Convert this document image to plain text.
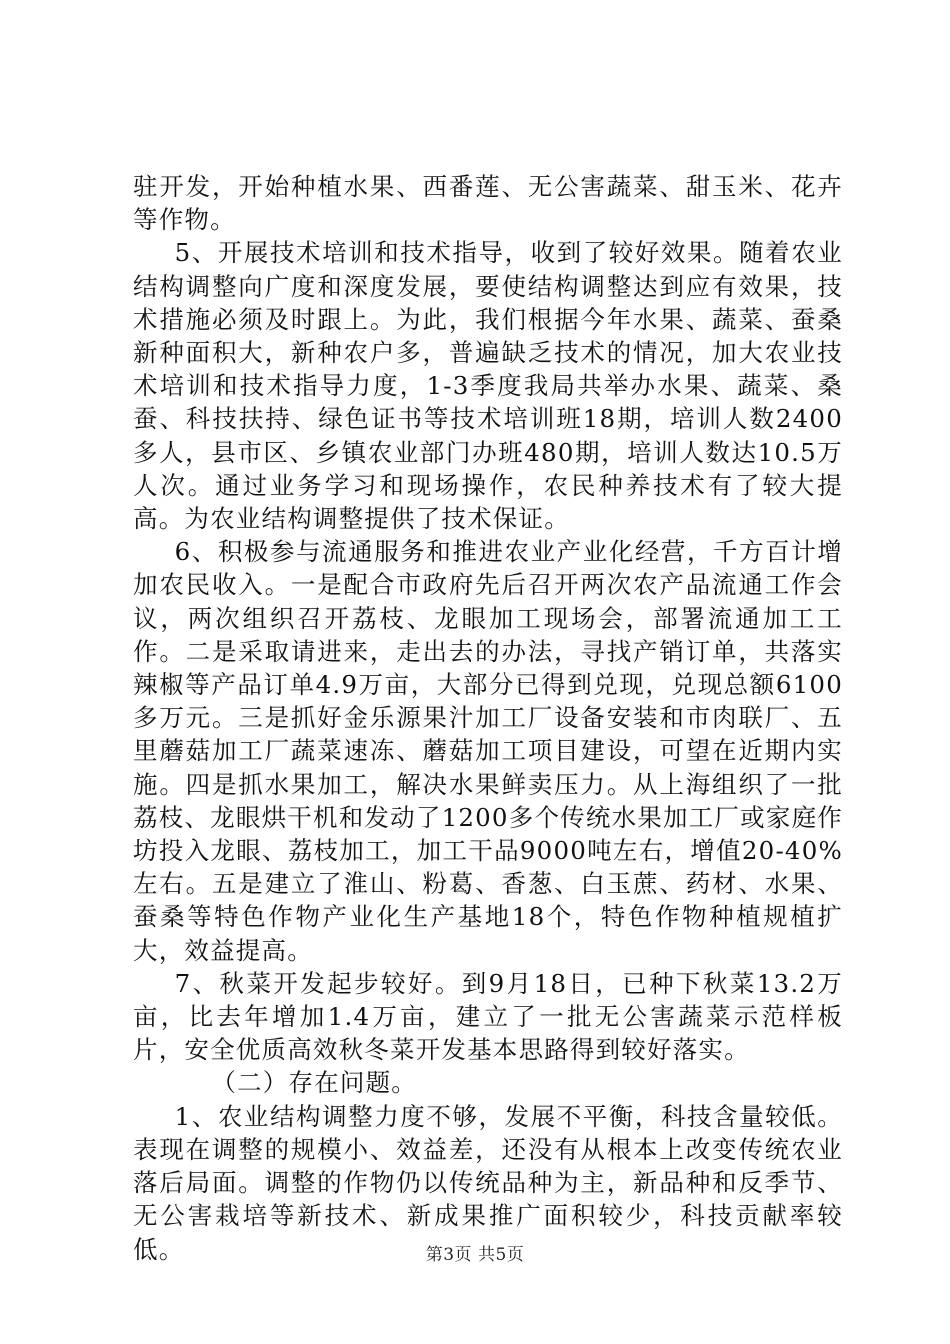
驻开发，开始种植水果、西番莲、无公害蔬菜、甜玉米、花卉等作物。

5、开展技术培训和技术指导，收到了较好效果。随着农业结构调整向广度和深度发展，要使结构调整达到应有效果，技术措施必须及时跟上。为此，我们根据今年水果、蔬菜、蚕桑新种面积大，新种农户多，普遍缺乏技术的情况，加大农业技术培训和技术指导力度，1-3季度我局共举办水果、蔬菜、桑蚕、科技扶持、绿色证书等技术培训班18期，培训人数2400多人，县市区、乡镇农业部门办班480期，培训人数达10.5万人次。通过业务学习和现场操作，农民种养技术有了较大提高。为农业结构调整提供了技术保证。

6、积极参与流通服务和推进农业产业化经营，千方百计增加农民收入。一是配合市政府先后召开两次农产品流通工作会议，两次组织召开荔枝、龙眼加工现场会，部署流通加工工作。二是采取请进来，走出去的办法，寻找产销订单，共落实辣椒等产品订单4.9万亩，大部分已得到兑现，兑现总额6100多万元。三是抓好金乐源果汁加工厂设备安装和市肉联厂、五里蘑菇加工厂蔬菜速冻、蘑菇加工项目建设，可望在近期内实施。四是抓水果加工，解决水果鲜卖压力。从上海组织了一批荔枝、龙眼烘干机和发动了1200多个传统水果加工厂或家庭作坊投入龙眼、荔枝加工，加工干品9000吨左右，增值20-40%左右。五是建立了淮山、粉葛、香葱、白玉蔗、药材、水果、蚕桑等特色作物产业化生产基地18个，特色作物种植规植扩大，效益提高。

7、秋菜开发起步较好。到9月18日，已种下秋菜13.2万亩，比去年增加1.4万亩，建立了一批无公害蔬菜示范样板片，安全优质高效秋冬菜开发基本思路得到较好落实。

（二）存在问题。

1、农业结构调整力度不够，发展不平衡，科技含量较低。表现在调整的规模小、效益差，还没有从根本上改变传统农业落后局面。调整的作物仍以传统品种为主，新品种和反季节、无公害栽培等新技术、新成果推广面积较少，科技贡献率较低。	第3页 共5页
